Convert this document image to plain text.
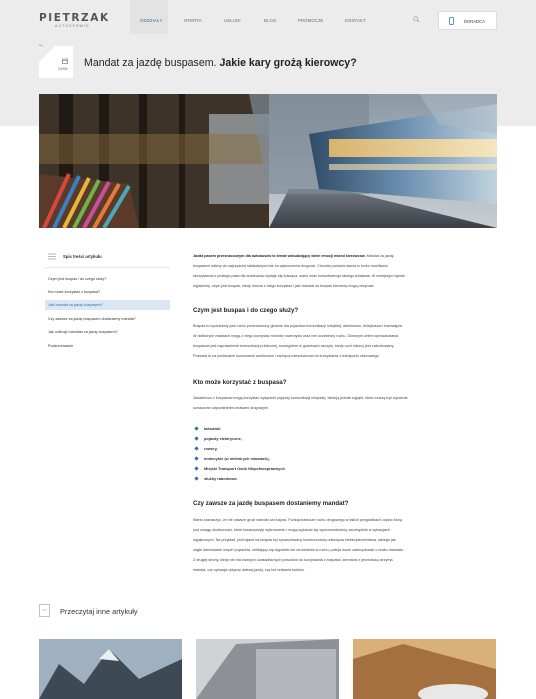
PIETRZAK
AUTOSERWIS
ODDZIAŁY	OFERTA	USŁUGI	BLOG	PROMOCJE	KONTAKT	DORADCA
24/08 Mandat za jazdę buspasem. Jakie kary grożą kierowcy?
Spis treści artykułu
Czym jest buspas i do czego służy?
Kto może korzystać z buspasa?
Jaki mandat za jazdę buspasem?
Czy zawsze za jazdę buspasem dostaniemy mandat?
Jak uniknąć mandatu za jazdę buspasem?
Podsumowanie
Jazda pasem przeznaczonym dla autobusów to temat wzbudzający wiele emocji wśród kierowców. Mandat za jazdę
buspasem należy do najczęściej nakładanych kar za wykroczenia drogowe. Chociaż podczas stania w korku możliwość
skorzystania z pustego pasa dla autobusów wydaje się kusząca, warto znać konsekwencje takiego działania. W niniejszym wpisie
wyjaśnimy, czym jest buspas, kiedy można z niego korzystać i jaki mandat za buspas kierowcy mogą otrzymać.
Czym jest buspas i do czego służy?
Buspas to wydzielony pas ruchu przeznaczony głównie dla pojazdów komunikacji miejskiej: autobusów, trolejbusów i tramwajów.
W niektórych miastach mogą z niego korzystać również rowerzyści oraz inni uczestnicy ruchu. Głównym celem wprowadzania
buspasów jest usprawnienie komunikacji publicznej, szczególnie w godzinach szczytu, kiedy ruch uliczny jest zakorkowany.
Pozwala to na punktualne kursowanie autobusów i zachęca mieszkańców do korzystania z transportu zbiorowego.
Kto może korzystać z buspasa?
Zasadniczo z buspasów mogą korzystać wyłącznie pojazdy komunikacji miejskiej. Istnieją jednak wyjątki, które muszą być wyraźnie
oznaczone odpowiednimi znakami drogowymi:
taksówki
pojazdy elektryczne,
rowery,
motocykle (w niektórych miastach),
Miejski Transport Osób Niepełnosprawnych
służby ratunkowe.
Czy zawsze za jazdę buspasem dostaniemy mandat?
Warto zaznaczyć, że nie zawsze grozi mandat za buspas. Funkcjonariusze ruchu drogowego w takich przypadkach często biorą
pod uwagę okoliczności, które towarzyszyły wykroczeniu i mogą wykazać się wyrozumiałością, szczególnie w sytuacjach
wyjątkowych. Na przykład, jeśli wjazd na buspas był spowodowany koniecznością uniknięcia niebezpieczeństwa, takiego jak
nagłe hamowanie innych pojazdów, zbliżający się wypadek lub utrudnienia w ruchu, policja może zadecydować o braku mandatu.
Z drugiej strony, kiedy nie ma żadnych uzasadnionych powodów do korzystania z buspasa, kierowca z pewnością otrzyma
mandat, czy sytuacja dotyczy dalszej jazdy, czy też unikania korków.
Przeczytaj inne artykuły
